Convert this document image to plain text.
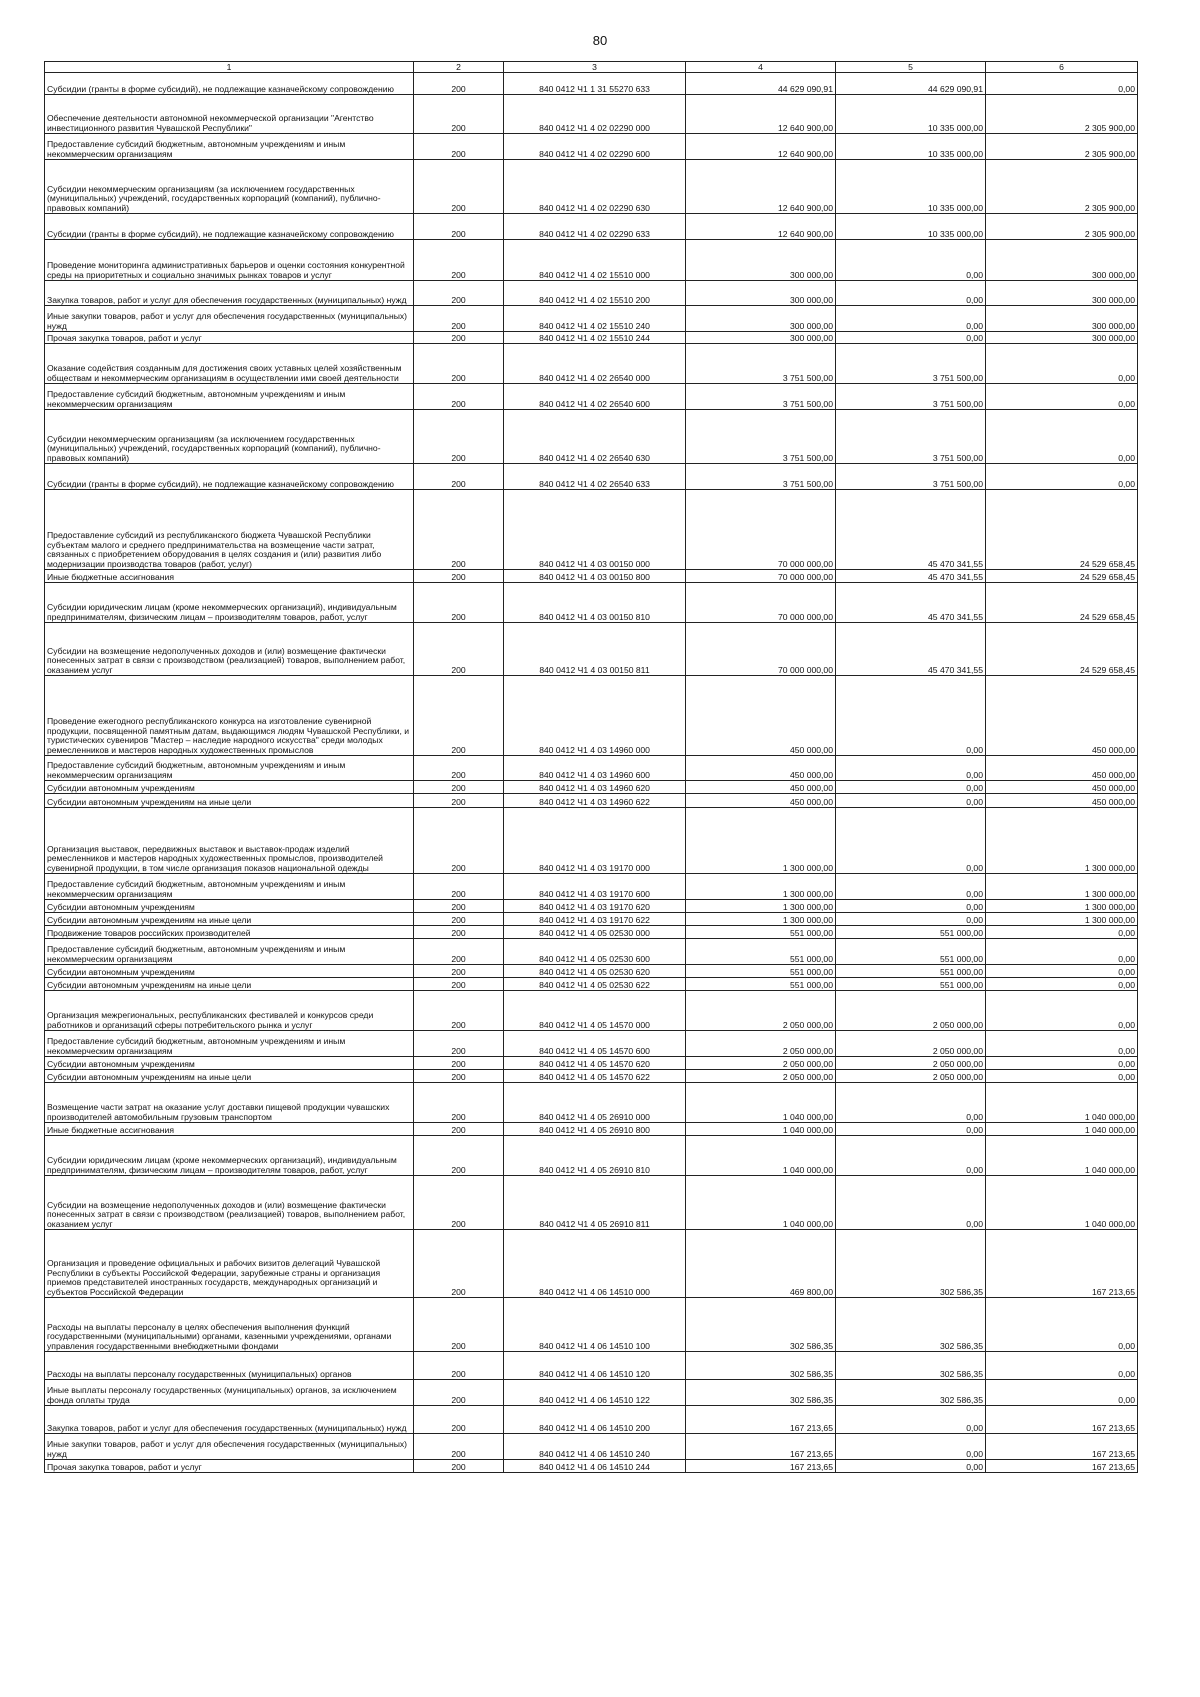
80
1	2	3	4	5	6
Субсидии (гранты в форме субсидий), не подлежащие казначейскому сопровождению	200	840 0412 Ч1 1 31 55270 633	44 629 090,91	44 629 090,91	0,00
Обеспечение деятельности автономной некоммерческой организации "Агентство инвестиционного развития Чувашской Республики"	200	840 0412 Ч1 4 02 02290 000	12 640 900,00	10 335 000,00	2 305 900,00
Предоставление субсидий бюджетным, автономным учреждениям и иным некоммерческим организациям	200	840 0412 Ч1 4 02 02290 600	12 640 900,00	10 335 000,00	2 305 900,00
Субсидии некоммерческим организациям (за исключением государственных (муниципальных) учреждений, государственных корпораций (компаний), публично-правовых компаний)	200	840 0412 Ч1 4 02 02290 630	12 640 900,00	10 335 000,00	2 305 900,00
Субсидии (гранты в форме субсидий), не подлежащие казначейскому сопровождению	200	840 0412 Ч1 4 02 02290 633	12 640 900,00	10 335 000,00	2 305 900,00
Проведение мониторинга административных барьеров и оценки состояния конкурентной среды на приоритетных и социально значимых рынках товаров и услуг	200	840 0412 Ч1 4 02 15510 000	300 000,00	0,00	300 000,00
Закупка товаров, работ и услуг для обеспечения государственных (муниципальных) нужд	200	840 0412 Ч1 4 02 15510 200	300 000,00	0,00	300 000,00
Иные закупки товаров, работ и услуг для обеспечения государственных (муниципальных) нужд	200	840 0412 Ч1 4 02 15510 240	300 000,00	0,00	300 000,00
Прочая закупка товаров, работ и услуг	200	840 0412 Ч1 4 02 15510 244	300 000,00	0,00	300 000,00
Оказание содействия созданным для достижения своих уставных целей хозяйственным обществам и некоммерческим организациям в осуществлении ими своей деятельности	200	840 0412 Ч1 4 02 26540 000	3 751 500,00	3 751 500,00	0,00
Предоставление субсидий бюджетным, автономным учреждениям и иным некоммерческим организациям	200	840 0412 Ч1 4 02 26540 600	3 751 500,00	3 751 500,00	0,00
Субсидии некоммерческим организациям (за исключением государственных (муниципальных) учреждений, государственных корпораций (компаний), публично-правовых компаний)	200	840 0412 Ч1 4 02 26540 630	3 751 500,00	3 751 500,00	0,00
Субсидии (гранты в форме субсидий), не подлежащие казначейскому сопровождению	200	840 0412 Ч1 4 02 26540 633	3 751 500,00	3 751 500,00	0,00
Предоставление субсидий из республиканского бюджета Чувашской Республики субъектам малого и среднего предпринимательства на возмещение части затрат, связанных с приобретением оборудования в целях создания и (или) развития либо модернизации производства товаров (работ, услуг)	200	840 0412 Ч1 4 03 00150 000	70 000 000,00	45 470 341,55	24 529 658,45
Иные бюджетные ассигнования	200	840 0412 Ч1 4 03 00150 800	70 000 000,00	45 470 341,55	24 529 658,45
Субсидии юридическим лицам (кроме некоммерческих организаций), индивидуальным предпринимателям, физическим лицам – производителям товаров, работ, услуг	200	840 0412 Ч1 4 03 00150 810	70 000 000,00	45 470 341,55	24 529 658,45
Субсидии на возмещение недополученных доходов и (или) возмещение фактически понесенных затрат в связи с производством (реализацией) товаров, выполнением работ, оказанием услуг	200	840 0412 Ч1 4 03 00150 811	70 000 000,00	45 470 341,55	24 529 658,45
Проведение ежегодного республиканского конкурса на изготовление сувенирной продукции, посвященной памятным датам, выдающимся людям Чувашской Республики, и туристических сувениров "Мастер – наследие народного искусства" среди молодых ремесленников и мастеров народных художественных промыслов	200	840 0412 Ч1 4 03 14960 000	450 000,00	0,00	450 000,00
Предоставление субсидий бюджетным, автономным учреждениям и иным некоммерческим организациям	200	840 0412 Ч1 4 03 14960 600	450 000,00	0,00	450 000,00
Субсидии автономным учреждениям	200	840 0412 Ч1 4 03 14960 620	450 000,00	0,00	450 000,00
Субсидии автономным учреждениям на иные цели	200	840 0412 Ч1 4 03 14960 622	450 000,00	0,00	450 000,00
Организация выставок, передвижных выставок и выставок-продаж изделий ремесленников и мастеров народных художественных промыслов, производителей сувенирной продукции, в том числе организация показов национальной одежды	200	840 0412 Ч1 4 03 19170 000	1 300 000,00	0,00	1 300 000,00
Предоставление субсидий бюджетным, автономным учреждениям и иным некоммерческим организациям	200	840 0412 Ч1 4 03 19170 600	1 300 000,00	0,00	1 300 000,00
Субсидии автономным учреждениям	200	840 0412 Ч1 4 03 19170 620	1 300 000,00	0,00	1 300 000,00
Субсидии автономным учреждениям на иные цели	200	840 0412 Ч1 4 03 19170 622	1 300 000,00	0,00	1 300 000,00
Продвижение товаров российских производителей	200	840 0412 Ч1 4 05 02530 000	551 000,00	551 000,00	0,00
Предоставление субсидий бюджетным, автономным учреждениям и иным некоммерческим организациям	200	840 0412 Ч1 4 05 02530 600	551 000,00	551 000,00	0,00
Субсидии автономным учреждениям	200	840 0412 Ч1 4 05 02530 620	551 000,00	551 000,00	0,00
Субсидии автономным учреждениям на иные цели	200	840 0412 Ч1 4 05 02530 622	551 000,00	551 000,00	0,00
Организация межрегиональных, республиканских фестивалей и конкурсов среди работников и организаций сферы потребительского рынка и услуг	200	840 0412 Ч1 4 05 14570 000	2 050 000,00	2 050 000,00	0,00
Предоставление субсидий бюджетным, автономным учреждениям и иным некоммерческим организациям	200	840 0412 Ч1 4 05 14570 600	2 050 000,00	2 050 000,00	0,00
Субсидии автономным учреждениям	200	840 0412 Ч1 4 05 14570 620	2 050 000,00	2 050 000,00	0,00
Субсидии автономным учреждениям на иные цели	200	840 0412 Ч1 4 05 14570 622	2 050 000,00	2 050 000,00	0,00
Возмещение части затрат на оказание услуг доставки пищевой продукции чувашских производителей автомобильным грузовым транспортом	200	840 0412 Ч1 4 05 26910 000	1 040 000,00	0,00	1 040 000,00
Иные бюджетные ассигнования	200	840 0412 Ч1 4 05 26910 800	1 040 000,00	0,00	1 040 000,00
Субсидии юридическим лицам (кроме некоммерческих организаций), индивидуальным предпринимателям, физическим лицам – производителям товаров, работ, услуг	200	840 0412 Ч1 4 05 26910 810	1 040 000,00	0,00	1 040 000,00
Субсидии на возмещение недополученных доходов и (или) возмещение фактически понесенных затрат в связи с производством (реализацией) товаров, выполнением работ, оказанием услуг	200	840 0412 Ч1 4 05 26910 811	1 040 000,00	0,00	1 040 000,00
Организация и проведение официальных и рабочих визитов делегаций Чувашской Республики в субъекты Российской Федерации, зарубежные страны и организация приемов представителей иностранных государств, международных организаций и субъектов Российской Федерации	200	840 0412 Ч1 4 06 14510 000	469 800,00	302 586,35	167 213,65
Расходы на выплаты персоналу в целях обеспечения выполнения функций государственными (муниципальными) органами, казенными учреждениями, органами управления государственными внебюджетными фондами	200	840 0412 Ч1 4 06 14510 100	302 586,35	302 586,35	0,00
Расходы на выплаты персоналу государственных (муниципальных) органов	200	840 0412 Ч1 4 06 14510 120	302 586,35	302 586,35	0,00
Иные выплаты персоналу государственных (муниципальных) органов, за исключением фонда оплаты труда	200	840 0412 Ч1 4 06 14510 122	302 586,35	302 586,35	0,00
Закупка товаров, работ и услуг для обеспечения государственных (муниципальных) нужд	200	840 0412 Ч1 4 06 14510 200	167 213,65	0,00	167 213,65
Иные закупки товаров, работ и услуг для обеспечения государственных (муниципальных) нужд	200	840 0412 Ч1 4 06 14510 240	167 213,65	0,00	167 213,65
Прочая закупка товаров, работ и услуг	200	840 0412 Ч1 4 06 14510 244	167 213,65	0,00	167 213,65
